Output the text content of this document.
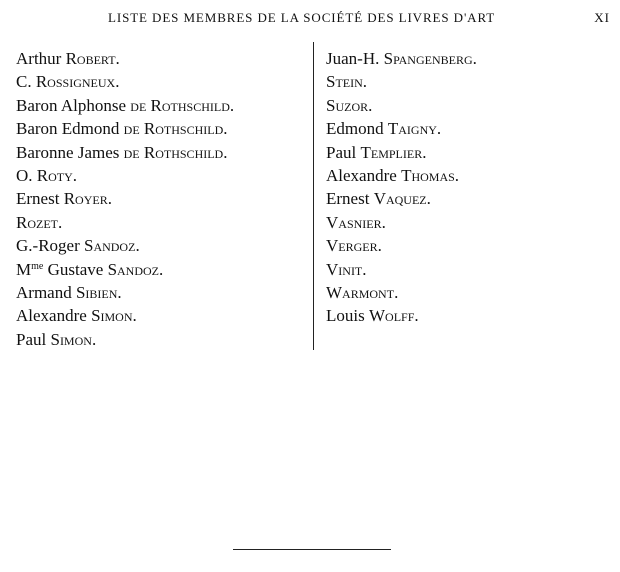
LISTE DES MEMBRES DE LA SOCIÉTÉ DES LIVRES D'ART	XI
Arthur Robert.
C. Rossigneux.
Baron Alphonse de Rothschild.
Baron Edmond de Rothschild.
Baronne James de Rothschild.
O. Roty.
Ernest Royer.
Rozet.
G.-Roger Sandoz.
$M^{me}$ Gustave Sandoz.
Armand Sibien.
Alexandre Simon.
Paul Simon.
Juan-H. Spangenberg.
Stein.
Suzor.
Edmond Taigny.
Paul Templier.
Alexandre Thomas.
Ernest Vaquez.
Vasnier.
Verger.
Vinit.
Warmont.
Louis Wolff.
